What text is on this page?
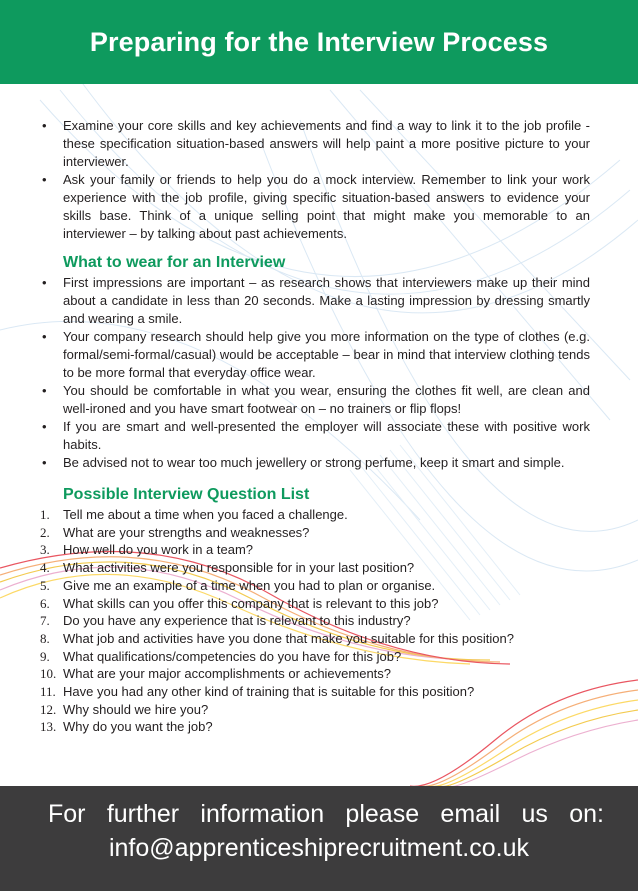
Preparing for the Interview Process
• Examine your core skills and key achievements and find a way to link it to the job profile - these specification situation-based answers will help paint a more positive picture to your interviewer.
• Ask your family or friends to help you do a mock interview. Remember to link your work experience with the job profile, giving specific situation-based answers to evidence your skills base. Think of a unique selling point that might make you memorable to an interviewer – by talking about past achievements.
What to wear for an Interview
• First impressions are important – as research shows that interviewers make up their mind about a candidate in less than 20 seconds. Make a lasting impression by dressing smartly and wearing a smile.
• Your company research should help give you more information on the type of clothes (e.g. formal/semi-formal/casual) would be acceptable – bear in mind that interview clothing tends to be more formal that everyday office wear.
• You should be comfortable in what you wear, ensuring the clothes fit well, are clean and well-ironed and you have smart footwear on – no trainers or flip flops!
• If you are smart and well-presented the employer will associate these with positive work habits.
• Be advised not to wear too much jewellery or strong perfume, keep it smart and simple.
Possible Interview Question List
1.	Tell me about a time when you faced a challenge.
2.	What are your strengths and weaknesses?
3.	How well do you work in a team?
4.	What activities were you responsible for in your last position?
5.	Give me an example of a time when you had to plan or organise.
6.	What skills can you offer this company that is relevant to this job?
7.	Do you have any experience that is relevant to this industry?
8.	What job and activities have you done that make you suitable for this position?
9.	What qualifications/competencies do you have for this job?
10. What are your major accomplishments or achievements?
11. Have you had any other kind of training that is suitable for this position?
12. Why should we hire you?
13. Why do you want the job?
For further information please email us on:
info@apprenticeshiprecruitment.co.uk
